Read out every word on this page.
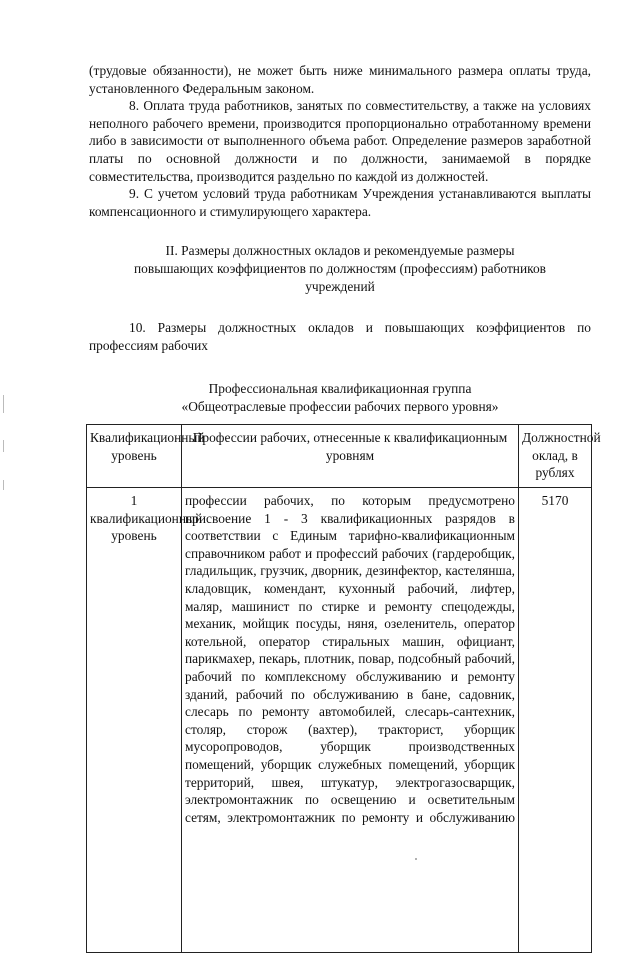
(трудовые обязанности), не может быть ниже минимального размера оплаты труда, установленного Федеральным законом.

8. Оплата труда работников, занятых по совместительству, а также на условиях неполного рабочего времени, производится пропорционально отработанному времени либо в зависимости от выполненного объема работ. Определение размеров заработной платы по основной должности и по должности, занимаемой в порядке совместительства, производится раздельно по каждой из должностей.

9. С учетом условий труда работникам Учреждения устанавливаются выплаты компенсационного и стимулирующего характера.

II. Размеры должностных окладов и рекомендуемые размеры

повышающих коэффициентов по должностям (профессиям) работников

учреждений

10. Размеры должностных окладов и повышающих коэффициентов по профессиям рабочих

Профессиональная квалификационная группа

«Общеотраслевые профессии рабочих первого уровня»

Квалификационный уровень	Профессии рабочих, отнесенные к квалификационным уровням	Должностной оклад, в рублях
1 квалификационный уровень	профессии рабочих, по которым предусмотрено присвоение 1 - 3 квалификационных разрядов в соответствии с Единым тарифно-квалификационным справочником работ и профессий рабочих (гардеробщик, гладильщик, грузчик, дворник, дезинфектор, кастелянша, кладовщик, комендант, кухонный рабочий, лифтер, маляр, машинист по стирке и ремонту спецодежды, механик, мойщик посуды, няня, озеленитель, оператор котельной, оператор стиральных машин, официант, парикмахер, пекарь, плотник, повар, подсобный рабочий, рабочий по комплексному обслуживанию и ремонту зданий, рабочий по обслуживанию в бане, садовник, слесарь по ремонту автомобилей, слесарь-сантехник, столяр, сторож (вахтер), тракторист, уборщик мусоропроводов, уборщик производственных помещений, уборщик служебных помещений, уборщик территорий, швея, штукатур, электрогазосварщик, электромонтажник по освещению и осветительным сетям, электромонтажник по ремонту и обслуживанию	5170
